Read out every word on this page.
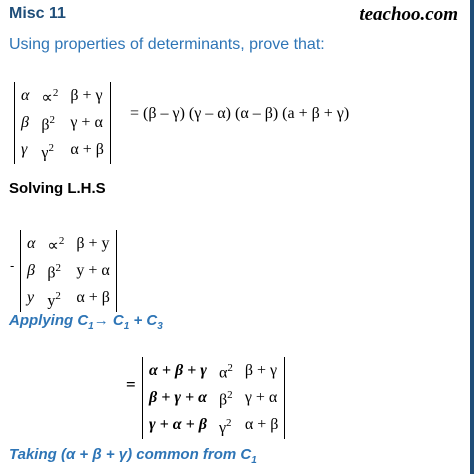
Misc 11	teachoo.com
Using properties of determinants, prove that:
α	∝$^2$	β + γ
β	$\beta^2$	γ + α
γ	$\gamma^2$	α + β
= (β – γ) (γ – α) (α – β) (a + β + γ)
Solving L.H.S
-
α	∝$^2$	β + y
β	$\beta^2$	y + α
y	$y^2$	α + β
Applying $C_1\to C_1 + C_3$
=
α + β + γ	$\alpha^2$	β + γ
β + γ + α	$\beta^2$	γ + α
γ + α + β	$\gamma^2$	α + β
Taking (α + β + γ) common from $C_1$
